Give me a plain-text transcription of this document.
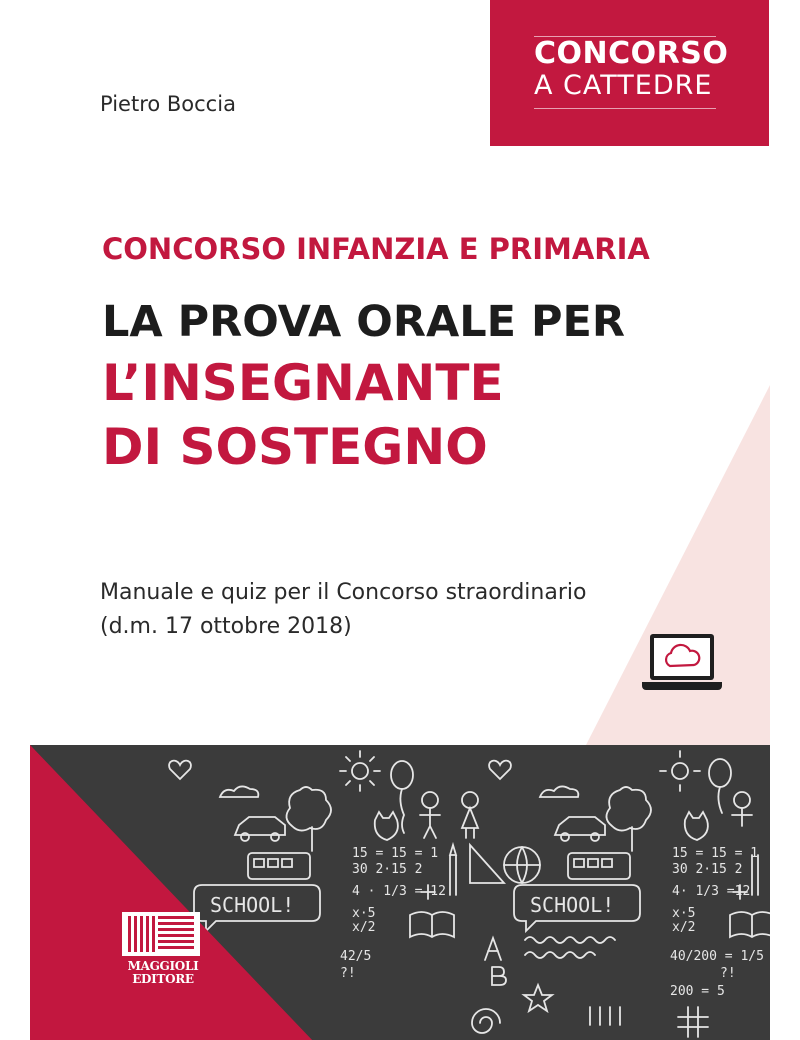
CONCORSO
A CATTEDRE
Pietro Boccia
CONCORSO INFANZIA E PRIMARIA
LA PROVA ORALE PER
L’INSEGNANTE
DI SOSTEGNO
Manuale e quiz per il Concorso straordinario
(d.m. 17 ottobre 2018)
15 = 15 = 1
30 2·15 2
15 = 15 = 1
30 2·15 2
4 · 1/3 = 12	4· 1/3 =12
x·5
x/2
x·5
x/2
40/200 = 1/5
200 = 5
42/5
?!	?!
SCHOOL!
SCHOOL!
MAGGIOLI
EDITORE
